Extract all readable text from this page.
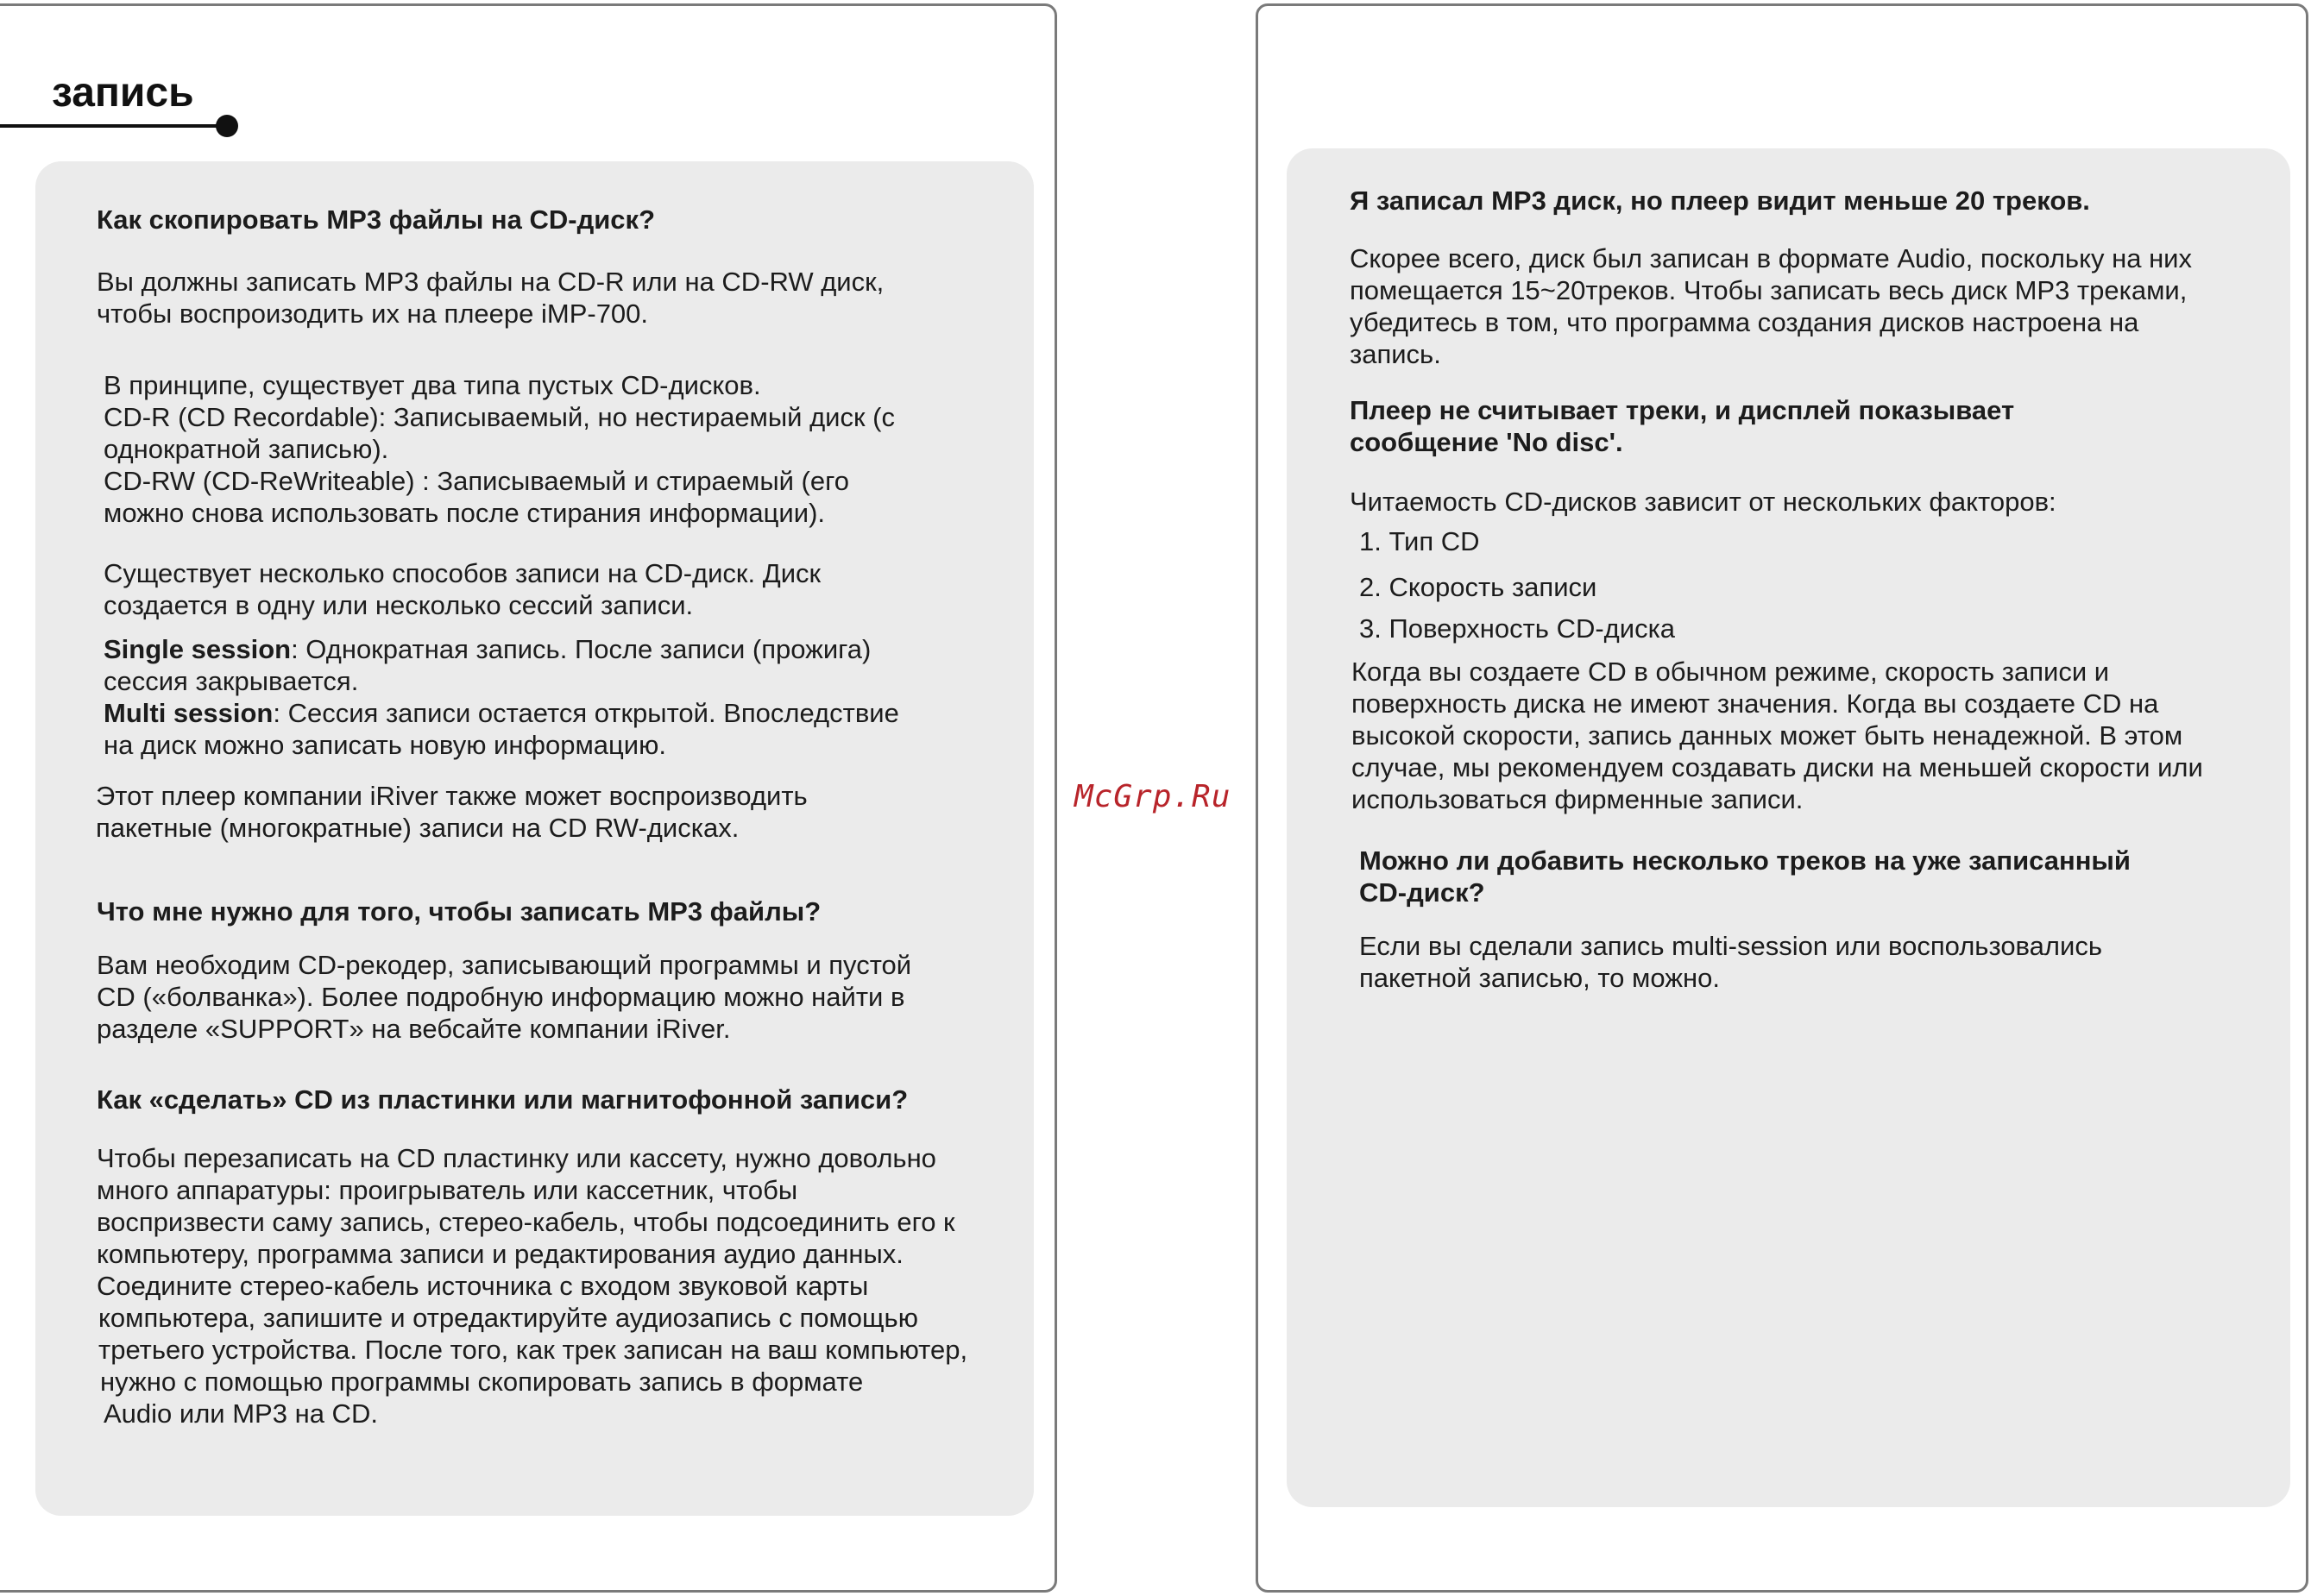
запись

Как скопировать MP3 файлы на CD-диск?

Вы должны записать MP3 файлы на CD-R или на CD-RW диск,

чтобы воспроизодить их на плеере iMP-700.

В принципе, существует два типа пустых CD-дисков.

CD-R (CD Recordable): Записываемый, но нестираемый диск (с

однократной записью).

CD-RW (CD-ReWriteable) : Записываемый и стираемый (его

можно снова использовать после стирания информации).

Существует несколько способов записи на CD-диск. Диск

создается в одну или несколько сессий записи.

Single session: Однократная запись. После записи (прожига)

сессия закрывается.

Multi session: Сессия записи остается открытой. Впоследствие

на диск можно записать новую информацию.

Этот плеер компании iRiver также может воспроизводить

пакетные (многократные) записи на CD RW-дисках.

Что мне нужно для того, чтобы записать MP3 файлы?

Вам необходим CD-рекодер, записывающий программы и пустой

CD («болванка»). Более подробную информацию можно найти в

разделе «SUPPORT» на вебсайте компании iRiver.

Как «сделать» CD из пластинки или магнитофонной записи?

Чтобы перезаписать на CD пластинку или кассету, нужно довольно

много аппаратуры: проигрыватель или кассетник, чтобы

воспризвести саму запись, стерео-кабель, чтобы подсоединить его к

компьютеру, программа записи и редактирования аудио данных.

Соедините стерео-кабель источника с входом звуковой карты

компьютера, запишите и отредактируйте аудиозапись с помощью

третьего устройства. После того, как трек записан на ваш компьютер,

нужно с помощью программы скопировать запись в формате

Audio или MP3 на CD.

McGrp.Ru

Я записал MP3 диск, но плеер видит меньше 20 треков.

Скорее всего, диск был записан в формате Audio, поскольку на них

помещается 15~20треков. Чтобы записать весь диск MP3 треками,

убедитесь в том, что программа создания дисков настроена на

запись.

Плеер не считывает треки, и дисплей показывает

сообщение 'No disc'.

Читаемость CD-дисков зависит от нескольких факторов:

1. Тип CD

2. Скорость записи

3. Поверхность CD-диска

Когда вы создаете CD в обычном режиме, скорость записи и

поверхность диска не имеют значения. Когда вы создаете CD на

высокой скорости, запись данных может быть ненадежной. В этом

случае, мы рекомендуем создавать диски на меньшей скорости или

использоваться фирменные записи.

Можно ли добавить несколько треков на уже записанный

CD-диск?

Если вы сделали запись multi-session или воспользовались

пакетной записью, то можно.
